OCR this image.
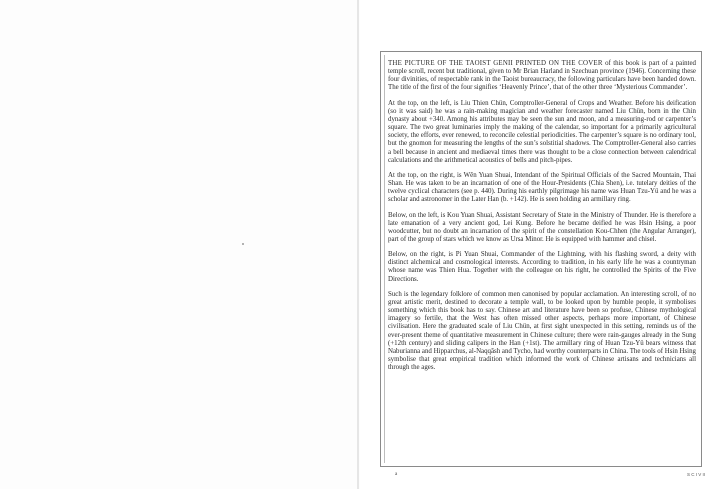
THE PICTURE OF THE TAOIST GENII PRINTED ON THE COVER of this book is part of a painted temple scroll, recent but traditional, given to Mr Brian Harland in Szechuan province (1946). Concerning these four divinities, of respectable rank in the Taoist bureaucracy, the following particulars have been handed down. The title of the first of the four signifies ‘Heavenly Prince’, that of the other three ‘Mysterious Commander’.

At the top, on the left, is Liu Thien Chün, Comptroller-General of Crops and Weather. Before his deification (so it was said) he was a rain-making magician and weather forecaster named Liu Chün, born in the Chin dynasty about +340. Among his attributes may be seen the sun and moon, and a measuring-rod or carpenter’s square. The two great luminaries imply the making of the calendar, so important for a primarily agricultural society, the efforts, ever renewed, to reconcile celestial periodicities. The carpenter’s square is no ordinary tool, but the gnomon for measuring the lengths of the sun’s solstitial shadows. The Comptroller-General also carries a bell because in ancient and mediaeval times there was thought to be a close connection between calendrical calculations and the arithmetical acoustics of bells and pitch-pipes.

At the top, on the right, is Wên Yuan Shuai, Intendant of the Spiritual Officials of the Sacred Mountain, Thai Shan. He was taken to be an incarnation of one of the Hour-Presidents (Chia Shen), i.e. tutelary deities of the twelve cyclical characters (see p. 440). During his earthly pilgrimage his name was Huan Tzu-Yü and he was a scholar and astronomer in the Later Han (b. +142). He is seen holding an armillary ring.

Below, on the left, is Kou Yuan Shuai, Assistant Secretary of State in the Ministry of Thunder. He is therefore a late emanation of a very ancient god, Lei Kung. Before he became deified he was Hsin Hsing, a poor woodcutter, but no doubt an incarnation of the spirit of the constellation Kou-Chhen (the Angular Arranger), part of the group of stars which we know as Ursa Minor. He is equipped with hammer and chisel.

Below, on the right, is Pi Yuan Shuai, Commander of the Lightning, with his flashing sword, a deity with distinct alchemical and cosmological interests. According to tradition, in his early life he was a countryman whose name was Thien Hua. Together with the colleague on his right, he controlled the Spirits of the Five Directions.

Such is the legendary folklore of common men canonised by popular acclamation. An interesting scroll, of no great artistic merit, destined to decorate a temple wall, to be looked upon by humble people, it symbolises something which this book has to say. Chinese art and literature have been so profuse, Chinese mythological imagery so fertile, that the West has often missed other aspects, perhaps more important, of Chinese civilisation. Here the graduated scale of Liu Chün, at first sight unexpected in this setting, reminds us of the ever-present theme of quantitative measurement in Chinese culture; there were rain-gauges already in the Sung (+12th century) and sliding calipers in the Han (+1st). The armillary ring of Huan Tzu-Yü bears witness that Naburianna and Hipparchus, al-Naqqāsh and Tycho, had worthy counterparts in China. The tools of Hsin Hsing symbolise that great empirical tradition which informed the work of Chinese artisans and technicians all through the ages.

a	S C I V II
